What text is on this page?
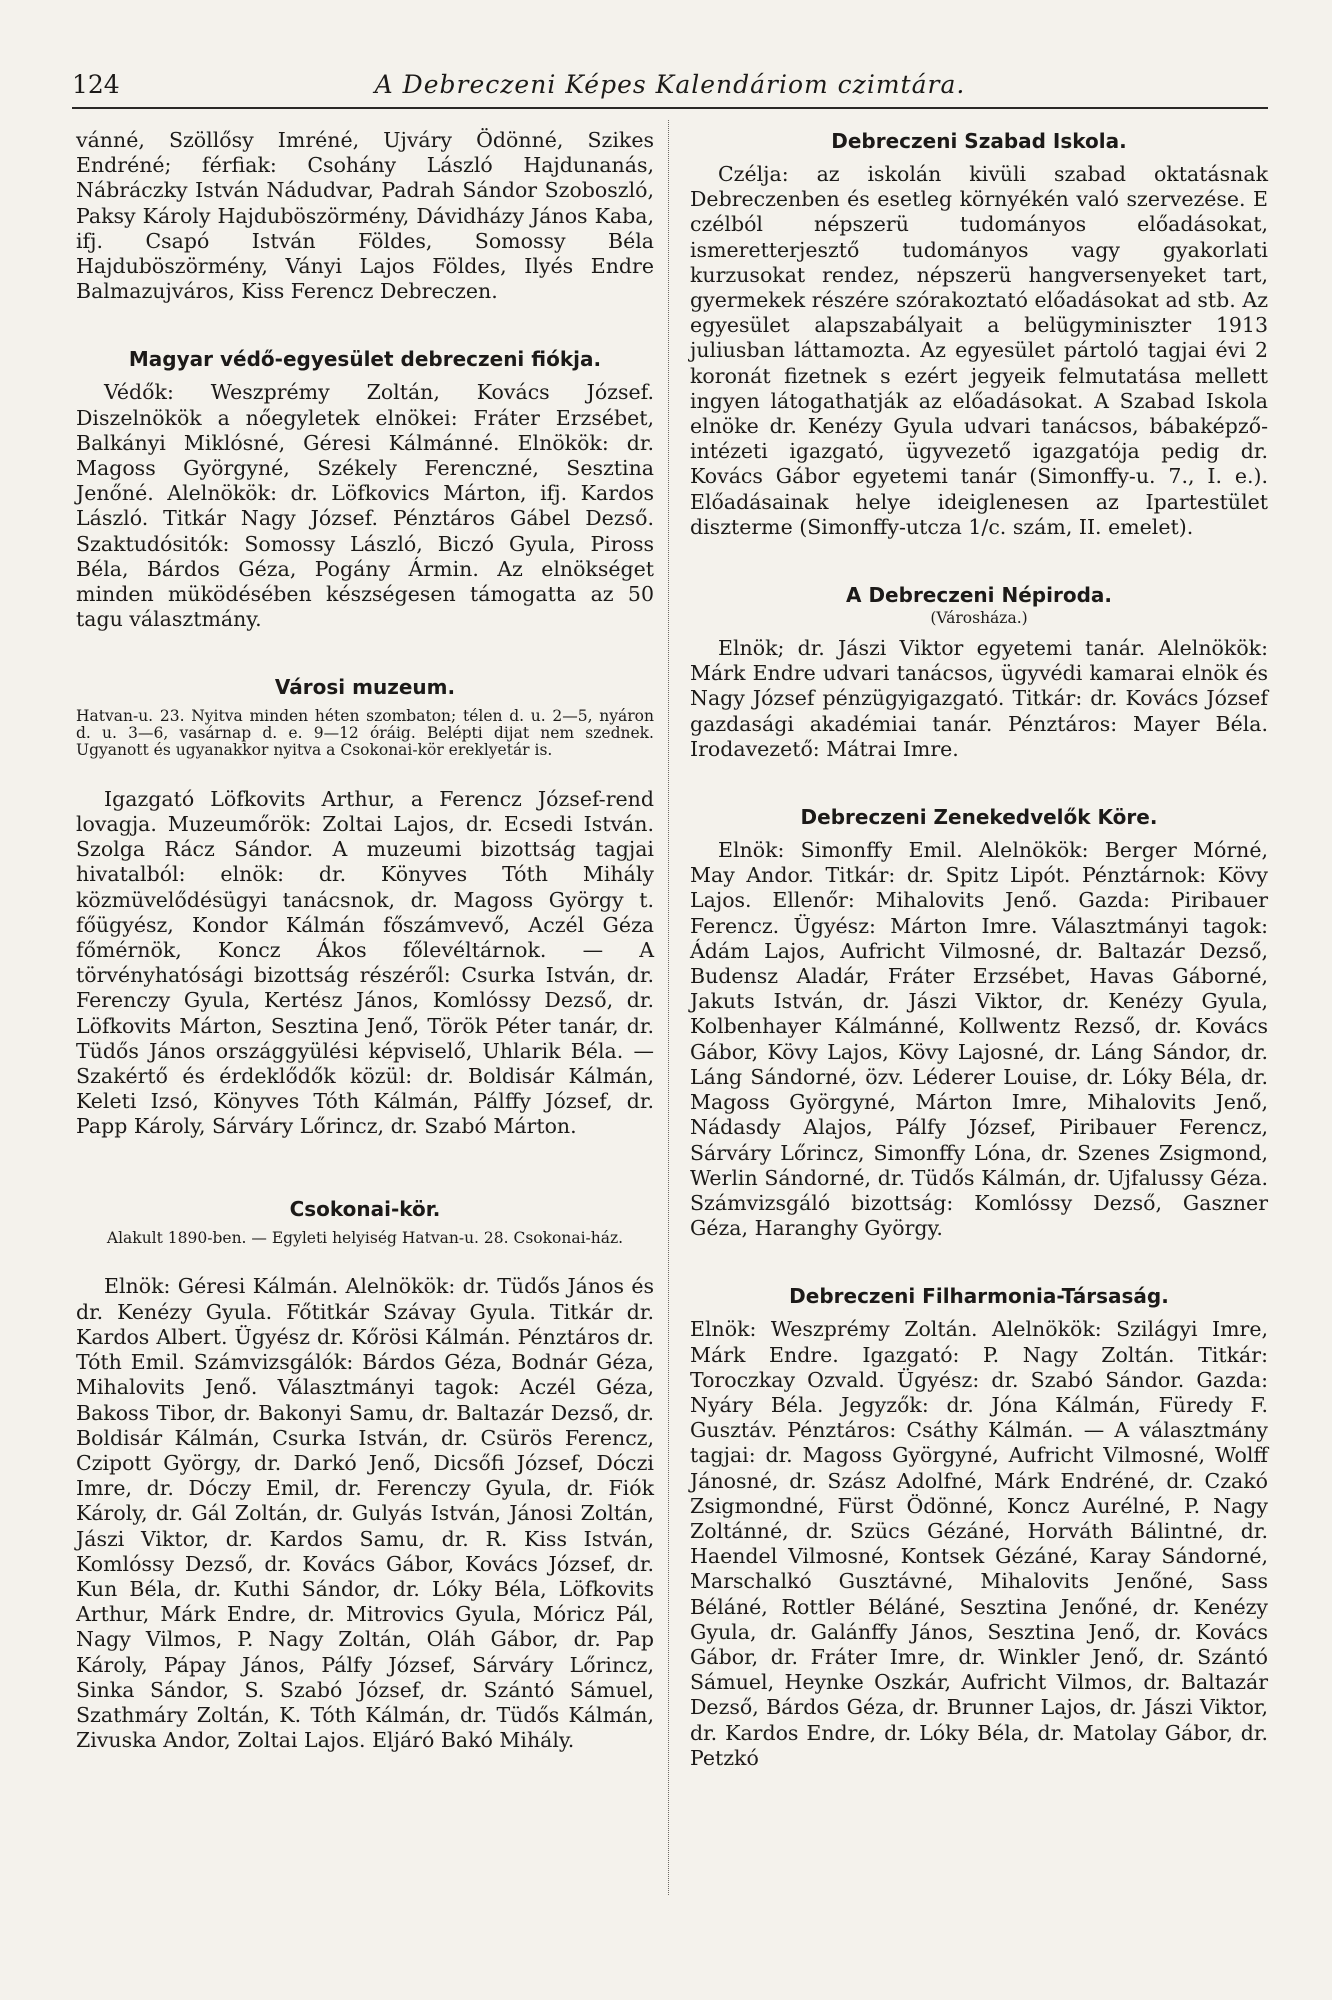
124	A Debreczeni Képes Kalendáriom czimtára.

vánné, Szöllősy Imréné, Ujváry Ödönné, Szikes Endréné; férfiak: Csohány László Hajdunanás, Nábráczky István Nádudvar, Padrah Sándor Szoboszló, Paksy Károly Hajduböszörmény, Dávidházy János Kaba, ifj. Csapó István Földes, Somossy Béla Hajduböszörmény, Ványi Lajos Földes, Ilyés Endre Balmazujváros, Kiss Ferencz Debreczen.

Magyar védő-egyesület debreczeni fiókja.

Védők: Weszprémy Zoltán, Kovács József. Diszelnökök a nőegyletek elnökei: Fráter Erzsébet, Balkányi Miklósné, Géresi Kálmánné. Elnökök: dr. Magoss Györgyné, Székely Ferenczné, Sesztina Jenőné. Alelnökök: dr. Löfkovics Márton, ifj. Kardos László. Titkár Nagy József. Pénztáros Gábel Dezső. Szaktudósitók: Somossy László, Biczó Gyula, Piross Béla, Bárdos Géza, Pogány Ármin. Az elnökséget minden müködésében készségesen támogatta az 50 tagu választmány.

Városi muzeum.

Hatvan-u. 23. Nyitva minden héten szombaton; télen d. u. 2—5, nyáron d. u. 3—6, vasárnap d. e. 9—12 óráig. Belépti dijat nem szednek. Ugyanott és ugyanakkor nyitva a Csokonai-kör ereklyetár is.

Igazgató Löfkovits Arthur, a Ferencz József-rend lovagja. Muzeumőrök: Zoltai Lajos, dr. Ecsedi István. Szolga Rácz Sándor. A muzeumi bizottság tagjai hivatalból: elnök: dr. Könyves Tóth Mihály közmüvelődésügyi tanácsnok, dr. Magoss György t. főügyész, Kondor Kálmán főszámvevő, Aczél Géza főmérnök, Koncz Ákos főlevéltárnok. — A törvényhatósági bizottság részéről: Csurka István, dr. Ferenczy Gyula, Kertész János, Komlóssy Dezső, dr. Löfkovits Márton, Sesztina Jenő, Török Péter tanár, dr. Tüdős János országgyülési képviselő, Uhlarik Béla. — Szakértő és érdeklődők közül: dr. Boldisár Kálmán, Keleti Izsó, Könyves Tóth Kálmán, Pálffy József, dr. Papp Károly, Sárváry Lőrincz, dr. Szabó Márton.

Csokonai-kör.

Alakult 1890-ben. — Egyleti helyiség Hatvan-u. 28. Csokonai-ház.

Elnök: Géresi Kálmán. Alelnökök: dr. Tüdős János és dr. Kenézy Gyula. Főtitkár Szávay Gyula. Titkár dr. Kardos Albert. Ügyész dr. Kőrösi Kálmán. Pénztáros dr. Tóth Emil. Számvizsgálók: Bárdos Géza, Bodnár Géza, Mihalovits Jenő. Választmányi tagok: Aczél Géza, Bakoss Tibor, dr. Bakonyi Samu, dr. Baltazár Dezső, dr. Boldisár Kálmán, Csurka István, dr. Csürös Ferencz, Czipott György, dr. Darkó Jenő, Dicsőfi József, Dóczi Imre, dr. Dóczy Emil, dr. Ferenczy Gyula, dr. Fiók Károly, dr. Gál Zoltán, dr. Gulyás István, Jánosi Zoltán, Jászi Viktor, dr. Kardos Samu, dr. R. Kiss István, Komlóssy Dezső, dr. Kovács Gábor, Kovács József, dr. Kun Béla, dr. Kuthi Sándor, dr. Lóky Béla, Löfkovits Arthur, Márk Endre, dr. Mitrovics Gyula, Móricz Pál, Nagy Vilmos, P. Nagy Zoltán, Oláh Gábor, dr. Pap Károly, Pápay János, Pálfy József, Sárváry Lőrincz, Sinka Sándor, S. Szabó József, dr. Szántó Sámuel, Szathmáry Zoltán, K. Tóth Kálmán, dr. Tüdős Kálmán, Zivuska Andor, Zoltai Lajos. Eljáró Bakó Mihály.

Debreczeni Szabad Iskola.

Czélja: az iskolán kivüli szabad oktatásnak Debreczenben és esetleg környékén való szervezése. E czélból népszerü tudományos előadásokat, ismeretterjesztő tudományos vagy gyakorlati kurzusokat rendez, népszerü hangversenyeket tart, gyermekek részére szórakoztató előadásokat ad stb. Az egyesület alapszabályait a belügyminiszter 1913 juliusban láttamozta. Az egyesület pártoló tagjai évi 2 koronát fizetnek s ezért jegyeik felmutatása mellett ingyen látogathatják az előadásokat. A Szabad Iskola elnöke dr. Kenézy Gyula udvari tanácsos, bábaképző-intézeti igazgató, ügyvezető igazgatója pedig dr. Kovács Gábor egyetemi tanár (Simonffy-u. 7., I. e.). Előadásainak helye ideiglenesen az Ipartestület diszterme (Simonffy-utcza 1/c. szám, II. emelet).

A Debreczeni Népiroda.

(Városháza.)

Elnök; dr. Jászi Viktor egyetemi tanár. Alelnökök: Márk Endre udvari tanácsos, ügyvédi kamarai elnök és Nagy József pénzügyigazgató. Titkár: dr. Kovács József gazdasági akadémiai tanár. Pénztáros: Mayer Béla. Irodavezető: Mátrai Imre.

Debreczeni Zenekedvelők Köre.

Elnök: Simonffy Emil. Alelnökök: Berger Mórné, May Andor. Titkár: dr. Spitz Lipót. Pénztárnok: Kövy Lajos. Ellenőr: Mihalovits Jenő. Gazda: Piribauer Ferencz. Ügyész: Márton Imre. Választmányi tagok: Ádám Lajos, Aufricht Vilmosné, dr. Baltazár Dezső, Budensz Aladár, Fráter Erzsébet, Havas Gáborné, Jakuts István, dr. Jászi Viktor, dr. Kenézy Gyula, Kolbenhayer Kálmánné, Kollwentz Rezső, dr. Kovács Gábor, Kövy Lajos, Kövy Lajosné, dr. Láng Sándor, dr. Láng Sándorné, özv. Léderer Louise, dr. Lóky Béla, dr. Magoss Györgyné, Márton Imre, Mihalovits Jenő, Nádasdy Alajos, Pálfy József, Piribauer Ferencz, Sárváry Lőrincz, Simonffy Lóna, dr. Szenes Zsigmond, Werlin Sándorné, dr. Tüdős Kálmán, dr. Ujfalussy Géza. Számvizsgáló bizottság: Komlóssy Dezső, Gaszner Géza, Haranghy György.

Debreczeni Filharmonia-Társaság.

Elnök: Weszprémy Zoltán. Alelnökök: Szilágyi Imre, Márk Endre. Igazgató: P. Nagy Zoltán. Titkár: Toroczkay Ozvald. Ügyész: dr. Szabó Sándor. Gazda: Nyáry Béla. Jegyzők: dr. Jóna Kálmán, Füredy F. Gusztáv. Pénztáros: Csáthy Kálmán. — A választmány tagjai: dr. Magoss Györgyné, Aufricht Vilmosné, Wolff Jánosné, dr. Szász Adolfné, Márk Endréné, dr. Czakó Zsigmondné, Fürst Ödönné, Koncz Aurélné, P. Nagy Zoltánné, dr. Szücs Gézáné, Horváth Bálintné, dr. Haendel Vilmosné, Kontsek Gézáné, Karay Sándorné, Marschalkó Gusztávné, Mihalovits Jenőné, Sass Béláné, Rottler Béláné, Sesztina Jenőné, dr. Kenézy Gyula, dr. Galánffy János, Sesztina Jenő, dr. Kovács Gábor, dr. Fráter Imre, dr. Winkler Jenő, dr. Szántó Sámuel, Heynke Oszkár, Aufricht Vilmos, dr. Baltazár Dezső, Bárdos Géza, dr. Brunner Lajos, dr. Jászi Viktor, dr. Kardos Endre, dr. Lóky Béla, dr. Matolay Gábor, dr. Petzkó
